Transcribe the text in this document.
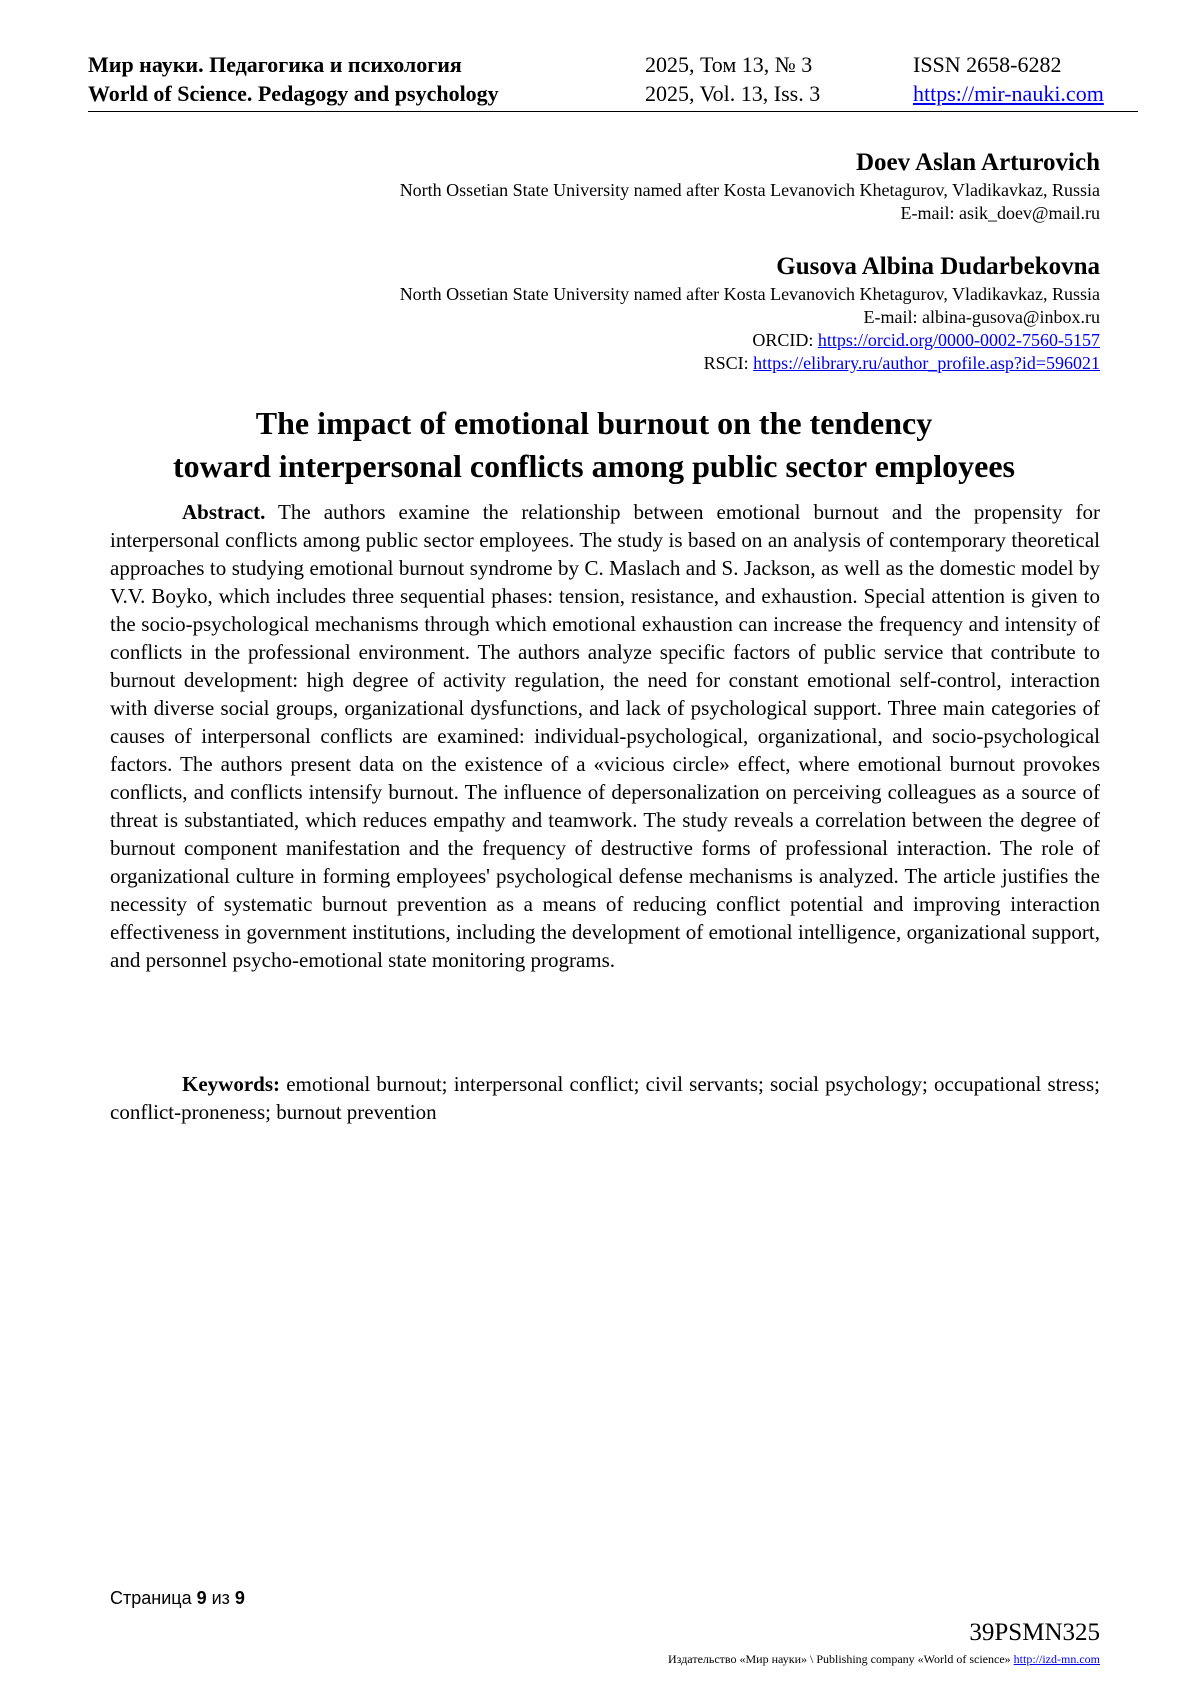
Мир науки. Педагогика и психология	2025, Том 13, № 3	ISSN 2658-6282
World of Science. Pedagogy and psychology	2025, Vol. 13, Iss. 3	https://mir-nauki.com
Doev Aslan Arturovich
North Ossetian State University named after Kosta Levanovich Khetagurov, Vladikavkaz, Russia
E-mail: asik_doev@mail.ru
Gusova Albina Dudarbekovna
North Ossetian State University named after Kosta Levanovich Khetagurov, Vladikavkaz, Russia
E-mail: albina-gusova@inbox.ru
ORCID: https://orcid.org/0000-0002-7560-5157
RSCI: https://elibrary.ru/author_profile.asp?id=596021
The impact of emotional burnout on the tendency
toward interpersonal conflicts among public sector employees

Abstract. The authors examine the relationship between emotional burnout and the propensity for interpersonal conflicts among public sector employees. The study is based on an analysis of contemporary theoretical approaches to studying emotional burnout syndrome by C. Maslach and S. Jackson, as well as the domestic model by V.V. Boyko, which includes three sequential phases: tension, resistance, and exhaustion. Special attention is given to the socio-psychological mechanisms through which emotional exhaustion can increase the frequency and intensity of conflicts in the professional environment. The authors analyze specific factors of public service that contribute to burnout development: high degree of activity regulation, the need for constant emotional self-control, interaction with diverse social groups, organizational dysfunctions, and lack of psychological support. Three main categories of causes of interpersonal conflicts are examined: individual-psychological, organizational, and socio-psychological factors. The authors present data on the existence of a «vicious circle» effect, where emotional burnout provokes conflicts, and conflicts intensify burnout. The influence of depersonalization on perceiving colleagues as a source of threat is substantiated, which reduces empathy and teamwork. The study reveals a correlation between the degree of burnout component manifestation and the frequency of destructive forms of professional interaction. The role of organizational culture in forming employees' psychological defense mechanisms is analyzed. The article justifies the necessity of systematic burnout prevention as a means of reducing conflict potential and improving interaction effectiveness in government institutions, including the development of emotional intelligence, organizational support, and personnel psycho-emotional state monitoring programs.

Keywords: emotional burnout; interpersonal conflict; civil servants; social psychology; occupational stress; conflict-proneness; burnout prevention

Страница 9 из 9
39PSMN325
Издательство «Мир науки» \ Publishing company «World of science» http://izd-mn.com
